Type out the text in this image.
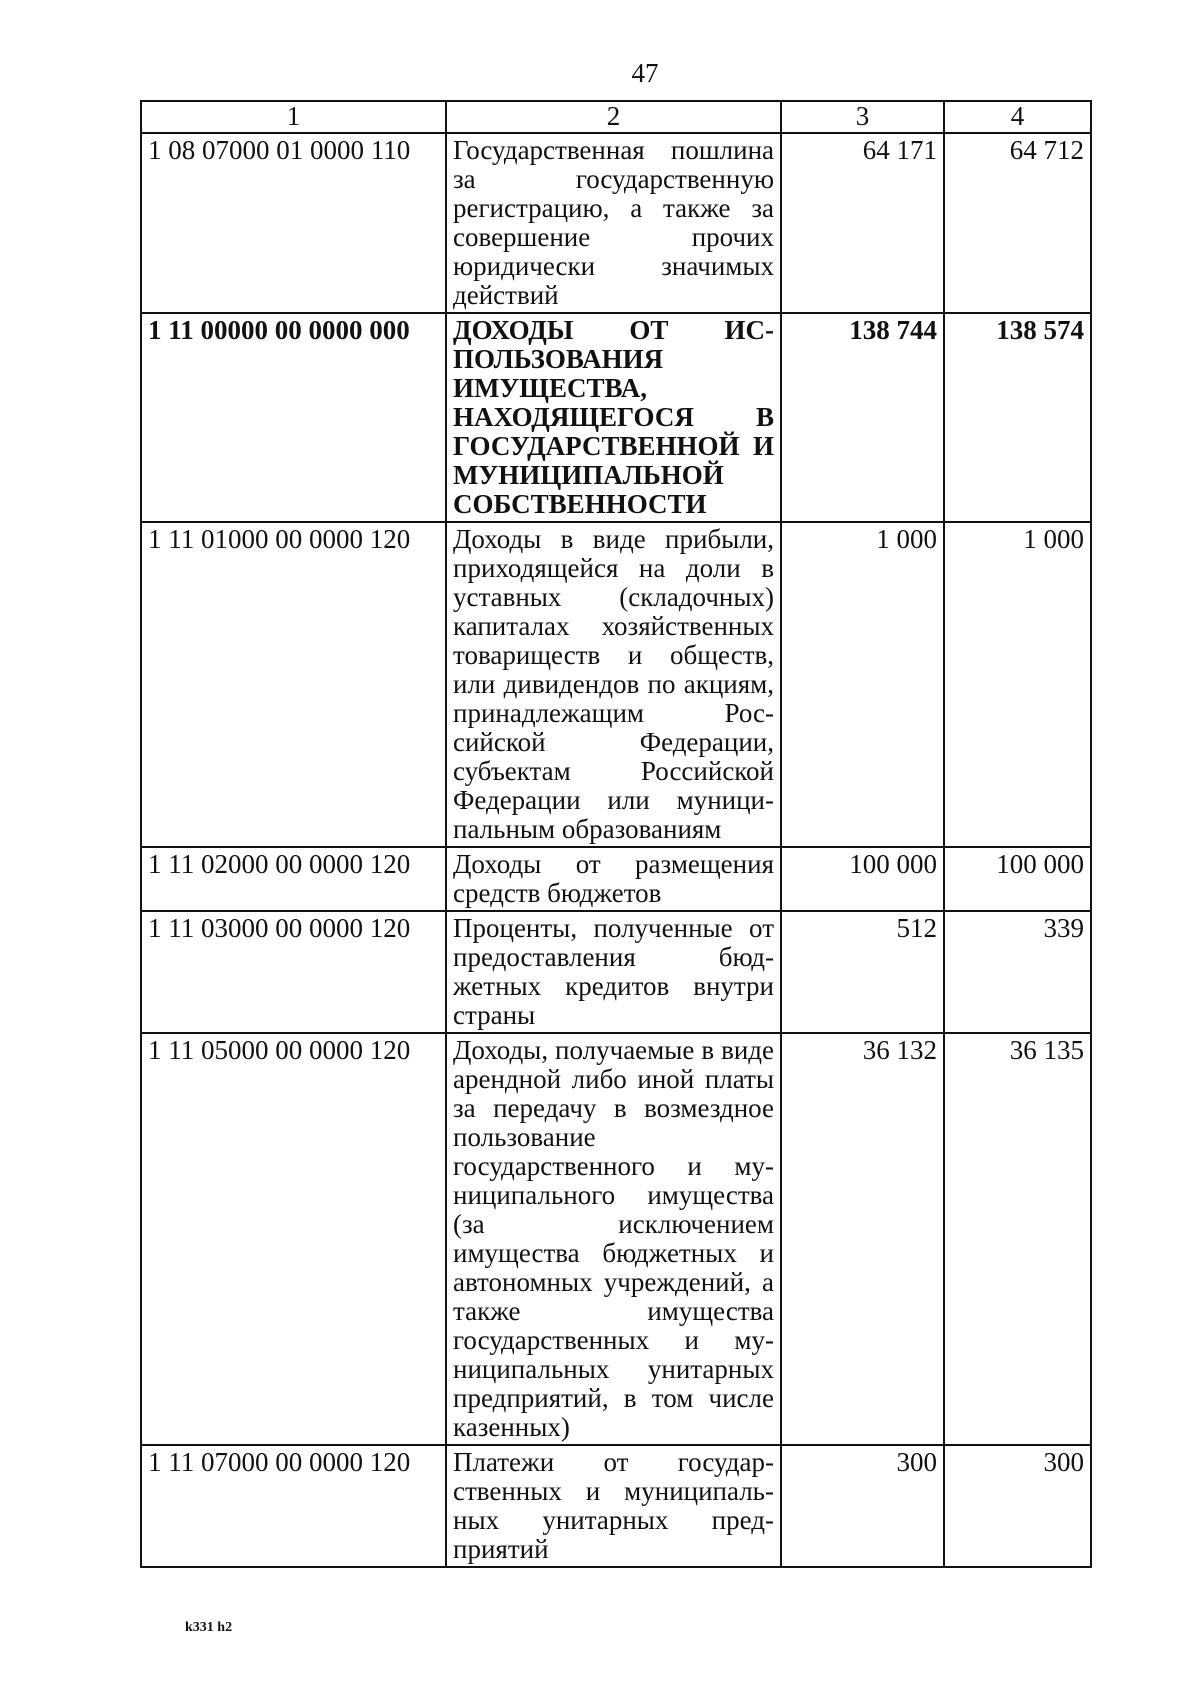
47
1	2	3	4
1 08 07000 01 0000 110	Государственная пошлина за государственную регистрацию, а также за совершение прочих юридически значимых действий	64 171	64 712
1 11 00000 00 0000 000	ДОХОДЫ ОТ ИСПОЛЬЗОВАНИЯ ИМУЩЕСТВА, НАХОДЯЩЕГОСЯ В ГОСУДАРСТВЕННОЙ И МУНИЦИПАЛЬНОЙ СОБСТВЕННОСТИ	138 744	138 574
1 11 01000 00 0000 120	Доходы в виде прибыли, приходящейся на доли в уставных (складочных) капиталах хозяйственных товариществ и обществ, или дивидендов по акциям, принадлежащим Российской Федерации, субъектам Российской Федерации или муниципальным образованиям	1 000	1 000
1 11 02000 00 0000 120	Доходы от размещения средств бюджетов	100 000	100 000
1 11 03000 00 0000 120	Проценты, полученные от предоставления бюджетных кредитов внутри страны	512	339
1 11 05000 00 0000 120	Доходы, получаемые в виде арендной либо иной платы за передачу в возмездное пользование государственного и муниципального имущества (за исключением имущества бюджетных и автономных учреждений, а также имущества государственных и муниципальных унитарных предприятий, в том числе казенных)	36 132	36 135
1 11 07000 00 0000 120	Платежи от государственных и муниципальных унитарных предприятий	300	300
k331 h2
